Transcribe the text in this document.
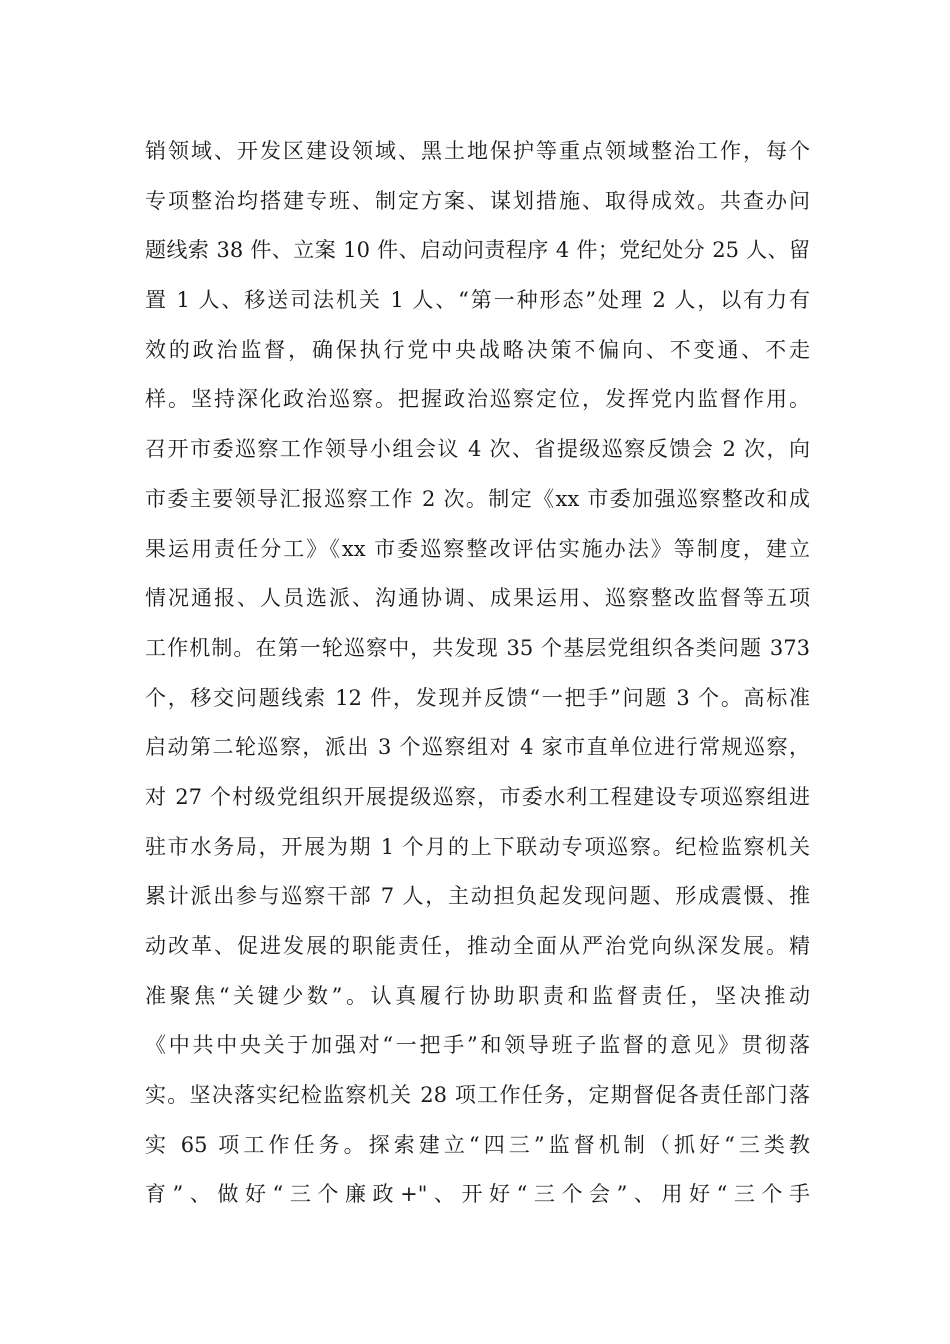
销领域、开发区建设领域、黑土地保护等重点领域整治工作，每个
专项整治均搭建专班、制定方案、谋划措施、取得成效。共查办问
题线索 38 件、立案 10 件、启动问责程序 4 件；党纪处分 25 人、留
置 1 人、移送司法机关 1 人、“第一种形态”处理 2 人，以有力有
效的政治监督，确保执行党中央战略决策不偏向、不变通、不走
样。坚持深化政治巡察。把握政治巡察定位，发挥党内监督作用。
召开市委巡察工作领导小组会议 4 次、省提级巡察反馈会 2 次，向
市委主要领导汇报巡察工作 2 次。制定《xx 市委加强巡察整改和成
果运用责任分工》《xx 市委巡察整改评估实施办法》等制度，建立
情况通报、人员选派、沟通协调、成果运用、巡察整改监督等五项
工作机制。在第一轮巡察中，共发现 35 个基层党组织各类问题 373
个，移交问题线索 12 件，发现并反馈“一把手”问题 3 个。高标准
启动第二轮巡察，派出 3 个巡察组对 4 家市直单位进行常规巡察，
对 27 个村级党组织开展提级巡察，市委水利工程建设专项巡察组进
驻市水务局，开展为期 1 个月的上下联动专项巡察。纪检监察机关
累计派出参与巡察干部 7 人，主动担负起发现问题、形成震慑、推
动改革、促进发展的职能责任，推动全面从严治党向纵深发展。精
准聚焦“关键少数”。认真履行协助职责和监督责任，坚决推动
《中共中央关于加强对“一把手”和领导班子监督的意见》贯彻落
实。坚决落实纪检监察机关 28 项工作任务，定期督促各责任部门落
实 65 项工作任务。探索建立“四三”监督机制（抓好“三类教
育”、做好“三个廉政+"、开好“三个会”、用好“三个手
